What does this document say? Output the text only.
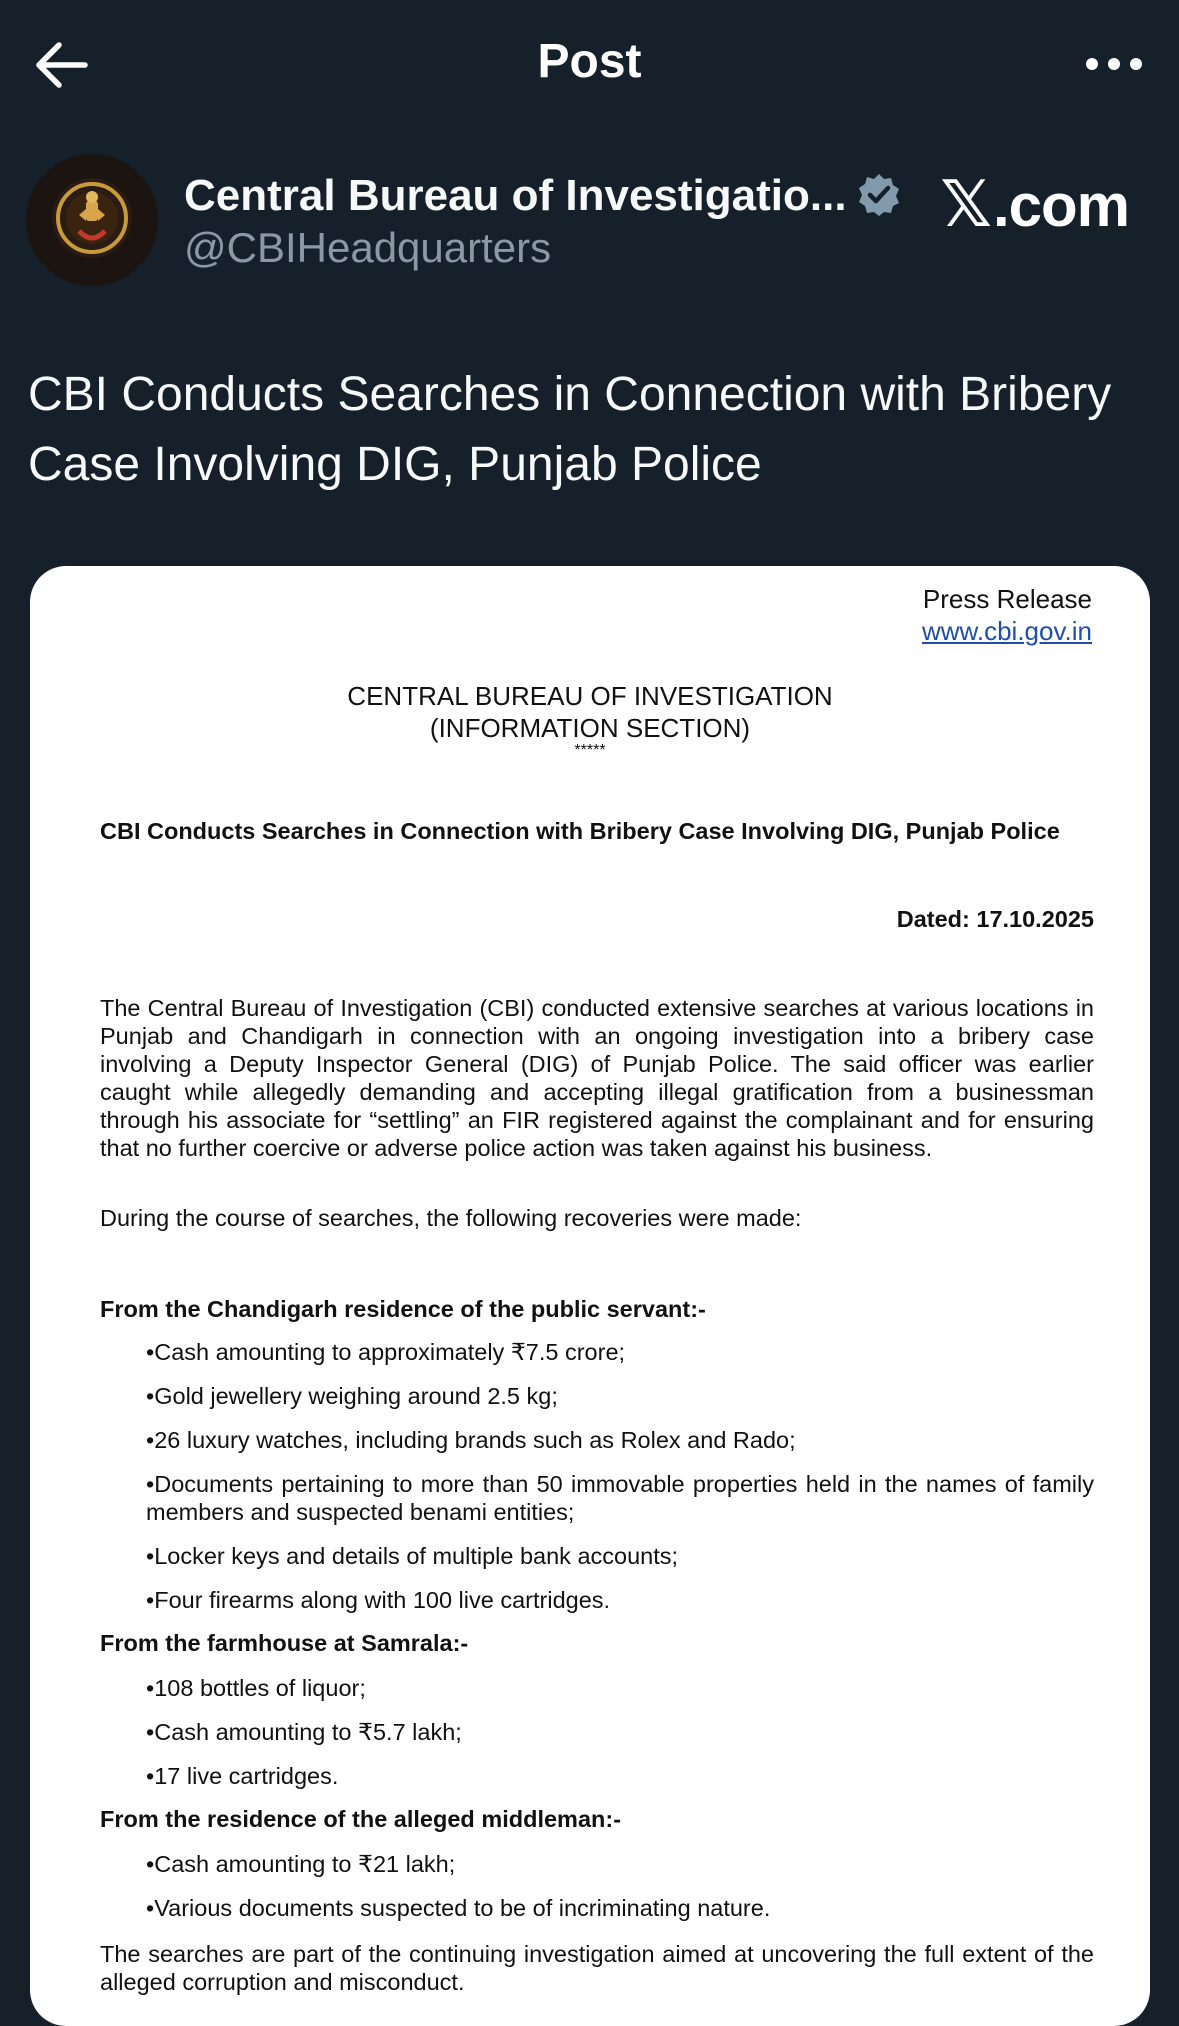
Post
Central Bureau of Investigatio...
@CBIHeadquarters
𝕏 .com
CBI Conducts Searches in Connection with Bribery Case Involving DIG, Punjab Police
Press Release
www.cbi.gov.in
CENTRAL BUREAU OF INVESTIGATION
(INFORMATION SECTION)
*****
CBI Conducts Searches in Connection with Bribery Case Involving DIG, Punjab Police
Dated: 17.10.2025
The Central Bureau of Investigation (CBI) conducted extensive searches at various locations in Punjab and Chandigarh in connection with an ongoing investigation into a bribery case involving a Deputy Inspector General (DIG) of Punjab Police. The said officer was earlier caught while allegedly demanding and accepting illegal gratification from a businessman through his associate for “settling” an FIR registered against the complainant and for ensuring that no further coercive or adverse police action was taken against his business.
During the course of searches, the following recoveries were made:
From the Chandigarh residence of the public servant:-
•Cash amounting to approximately ₹7.5 crore;
•Gold jewellery weighing around 2.5 kg;
•26 luxury watches, including brands such as Rolex and Rado;
•Documents pertaining to more than 50 immovable properties held in the names of family members and suspected benami entities;
•Locker keys and details of multiple bank accounts;
•Four firearms along with 100 live cartridges.
From the farmhouse at Samrala:-
•108 bottles of liquor;
•Cash amounting to ₹5.7 lakh;
•17 live cartridges.
From the residence of the alleged middleman:-
•Cash amounting to ₹21 lakh;
•Various documents suspected to be of incriminating nature.
The searches are part of the continuing investigation aimed at uncovering the full extent of the alleged corruption and misconduct.
